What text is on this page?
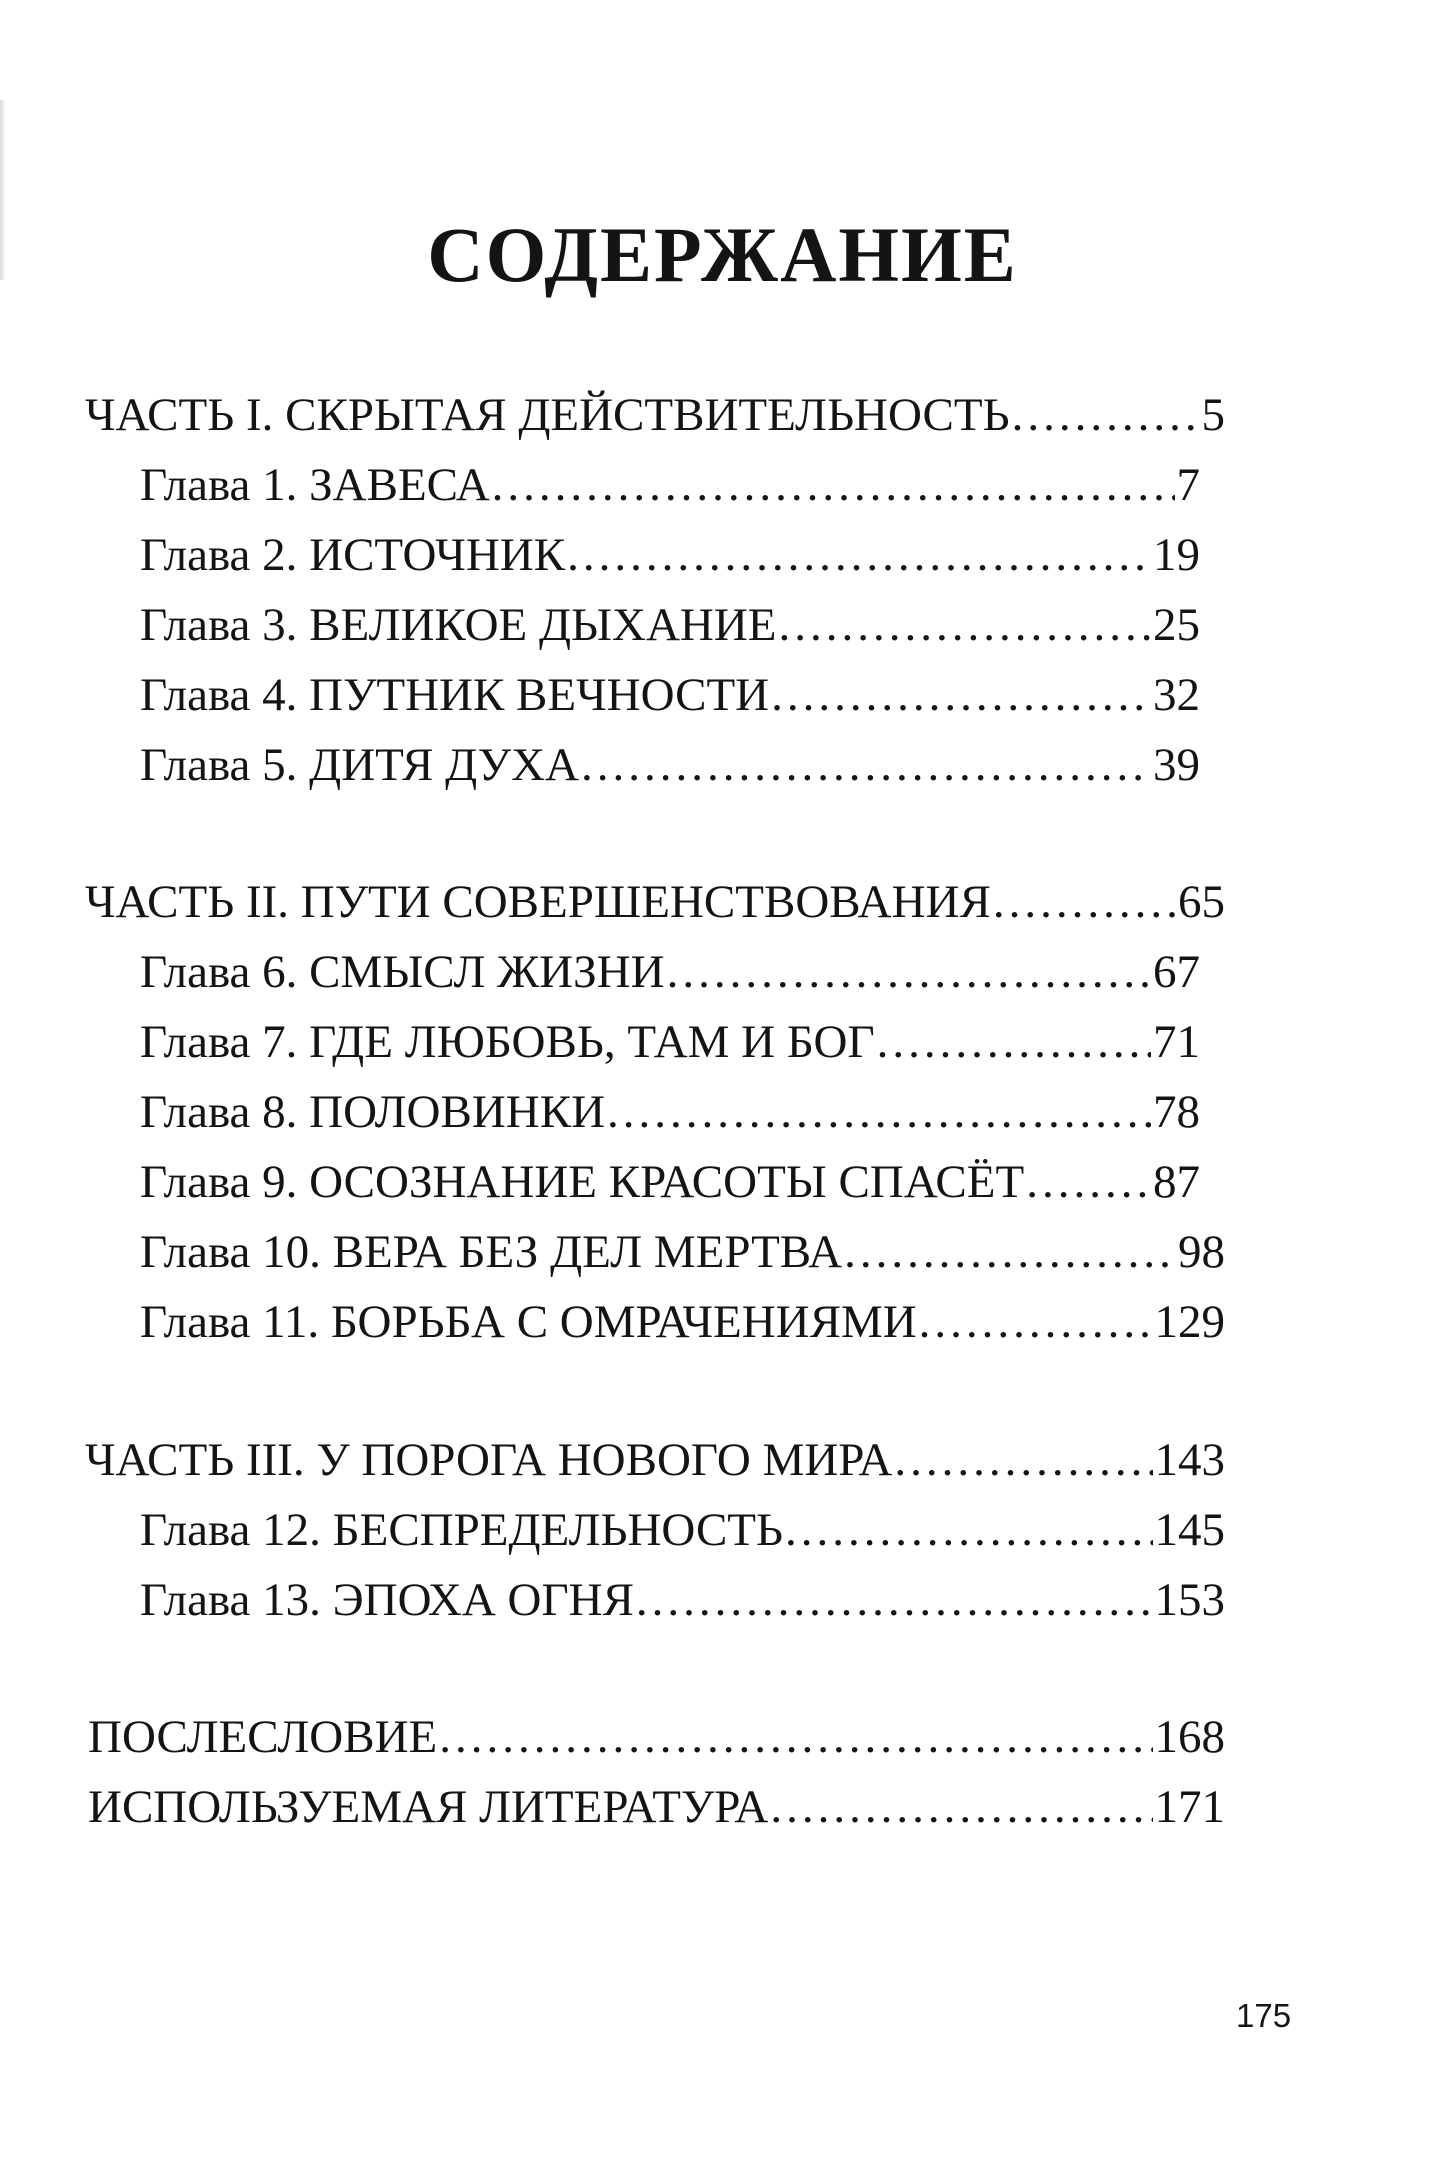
СОДЕРЖАНИЕ
ЧАСТЬ I. СКРЫТАЯ ДЕЙСТВИТЕЛЬНОСТЬ .....	5
Глава 1. ЗАВЕСА .....	7
Глава 2. ИСТОЧНИК .....	19
Глава 3. ВЕЛИКОЕ ДЫХАНИЕ .....	25
Глава 4. ПУТНИК ВЕЧНОСТИ .....	32
Глава 5. ДИТЯ ДУХА .....	39
ЧАСТЬ II. ПУТИ СОВЕРШЕНСТВОВАНИЯ .....	65
Глава 6. СМЫСЛ ЖИЗНИ .....	67
Глава 7. ГДЕ ЛЮБОВЬ, ТАМ И БОГ .....	71
Глава 8. ПОЛОВИНКИ .....	78
Глава 9. ОСОЗНАНИЕ КРАСОТЫ СПАСЁТ .....	87
Глава 10. ВЕРА БЕЗ ДЕЛ МЕРТВА .....	98
Глава 11. БОРЬБА С ОМРАЧЕНИЯМИ .....	129
ЧАСТЬ III. У ПОРОГА НОВОГО МИРА .....	143
Глава 12. БЕСПРЕДЕЛЬНОСТЬ .....	145
Глава 13. ЭПОХА ОГНЯ .....	153
ПОСЛЕСЛОВИЕ .....	168
ИСПОЛЬЗУЕМАЯ ЛИТЕРАТУРА .....	171
175
